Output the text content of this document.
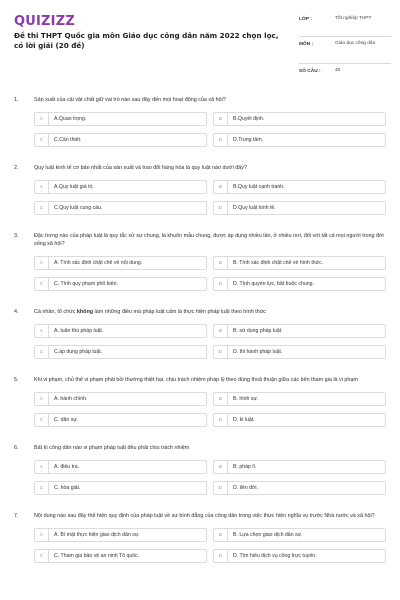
QUIZIZZ
Đề thi THPT Quốc gia môn Giáo dục công dân năm 2022 chọn lọc, có lời giải (20 đề)
LỚP :	Tốt nghiệp THPT
MÔN :	Giáo dục công dân
SỐ CÂU :	40
1.	Sản xuất của cải vật chất giữ vai trò nào sau đây đến mọi hoạt động của xã hội?
A	A.Quan trọng.	B	B.Quyết định.
C	C.Cần thiết.	D	D.Trung tâm.
2.	Quy luật kinh tế cơ bản nhất của sản xuất và trao đổi hàng hóa là quy luật nào dưới đây?
A	A.Quy luật giá trị.	B	B.Quy luật cạnh tranh.
C	C.Quy luật cung cầu.	D	D.Quy luật kinh tế.
3.	Đặc trưng nào của pháp luật là quy tắc xử sự chung, là khuôn mẫu chung, được áp dụng nhiều lần, ở nhiều nơi, đối với tất cả mọi người trong đời sống xã hội?
A	A. Tính xác định chặt chẽ về nội dung.	B	B. Tính xác định chặt chẽ về hình thức.
C	C. Tính quy phạm phổ biến.	D	D. Tính quyền lực, bắt buộc chung.
4.	Cá nhân, tổ chức không làm những điều mà pháp luật cấm là thực hiện pháp luật theo hình thức
A	A. tuân thủ pháp luật.	B	B. sử dụng pháp luật.
C	C.áp dụng pháp luật.	D	D. thi hành pháp luật.
5.	Khi vi phạm, chủ thể vi phạm phải bồi thường thiệt hại, chịu trách nhiệm pháp lý theo đúng thoả thuận giữa các bên tham gia là vi phạm
A	A. hành chính.	B	B. hình sự.
C	C. dân sự.	D	D. kỉ luật.
6.	Bất kì công dân nào vi phạm pháp luật đều phải chịu trách nhiệm
A	A. điều tra.	B	B. pháp lí.
C	C. hòa giải.	D	D. liên đới.
7.	Nội dung nào sau đây thể hiện quy định của pháp luật về sự bình đẳng của công dân trong việc thực hiện nghĩa vụ trước Nhà nước và xã hội?
A	A. Bí mật thực hiện giao dịch dân sự.	B	B. Lựa chọn giao dịch dân sự.
C	C. Tham gia bảo vệ an ninh Tổ quốc.	D	D. Tìm hiểu dịch vụ công trực tuyến.
